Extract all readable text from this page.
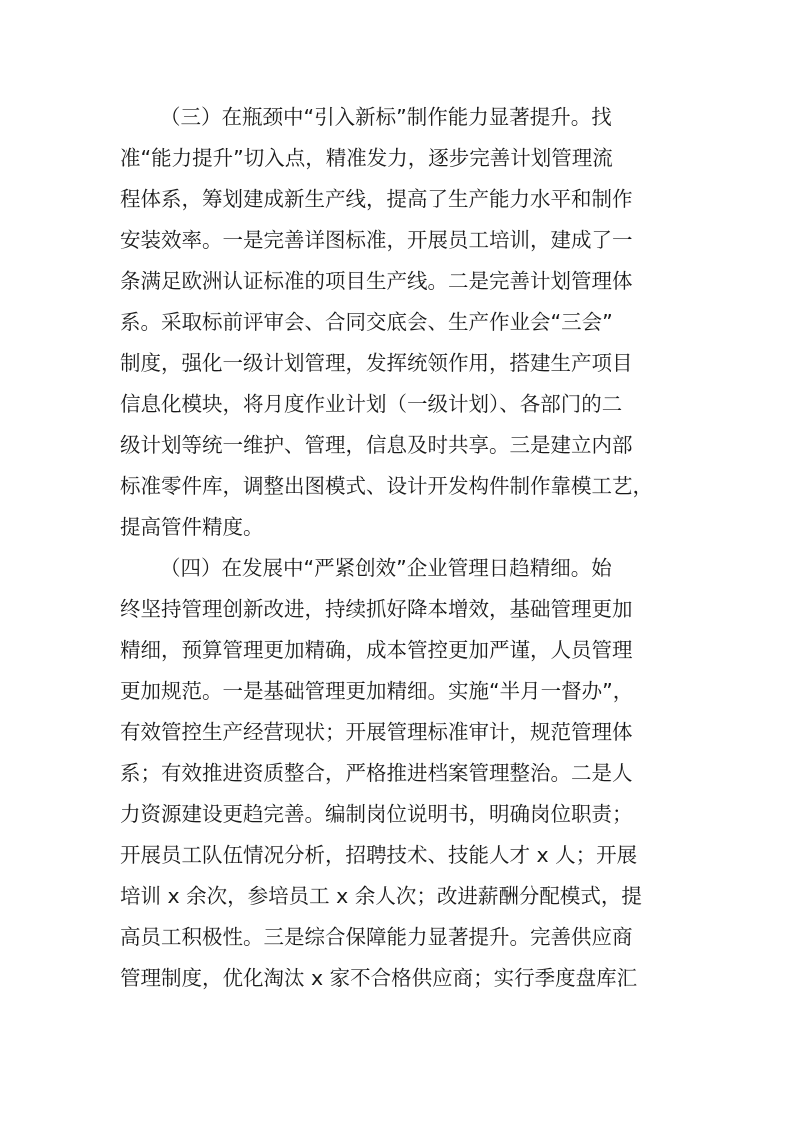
（三）在瓶颈中“引入新标”制作能力显著提升。找
准“能力提升”切入点，精准发力，逐步完善计划管理流
程体系，筹划建成新生产线，提高了生产能力水平和制作
安装效率。一是完善详图标准，开展员工培训，建成了一
条满足欧洲认证标准的项目生产线。二是完善计划管理体
系。采取标前评审会、合同交底会、生产作业会“三会”
制度，强化一级计划管理，发挥统领作用，搭建生产项目
信息化模块，将月度作业计划（一级计划）、各部门的二
级计划等统一维护、管理，信息及时共享。三是建立内部
标准零件库，调整出图模式、设计开发构件制作靠模工艺，
提高管件精度。
（四）在发展中“严紧创效”企业管理日趋精细。始
终坚持管理创新改进，持续抓好降本增效，基础管理更加
精细，预算管理更加精确，成本管控更加严谨，人员管理
更加规范。一是基础管理更加精细。实施“半月一督办”，
有效管控生产经营现状；开展管理标准审计，规范管理体
系；有效推进资质整合，严格推进档案管理整治。二是人
力资源建设更趋完善。编制岗位说明书，明确岗位职责；
开展员工队伍情况分析，招聘技术、技能人才 x 人；开展
培训 x 余次，参培员工 x 余人次；改进薪酬分配模式，提
高员工积极性。三是综合保障能力显著提升。完善供应商
管理制度，优化淘汰 x 家不合格供应商；实行季度盘库汇
